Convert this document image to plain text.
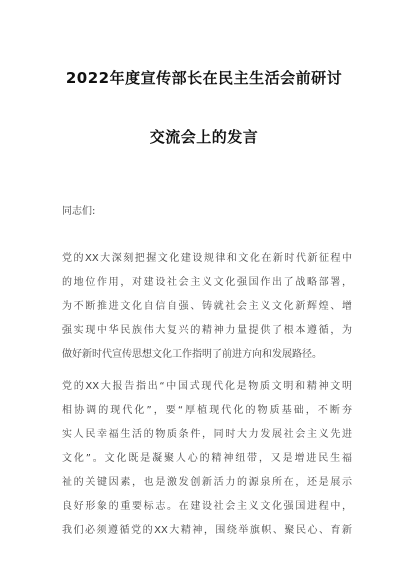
2022年度宣传部长在民主生活会前研讨
交流会上的发言
同志们:
党的XX大深刻把握文化建设规律和文化在新时代新征程中
的地位作用，对建设社会主义文化强国作出了战略部署，
为不断推进文化自信自强、铸就社会主义文化新辉煌、增
强实现中华民族伟大复兴的精神力量提供了根本遵循，为
做好新时代宣传思想文化工作指明了前进方向和发展路径。
党的XX大报告指出“中国式现代化是物质文明和精神文明
相协调的现代化”，要“厚植现代化的物质基础，不断夯
实人民幸福生活的物质条件，同时大力发展社会主义先进
文化”。文化既是凝聚人心的精神纽带，又是增进民生福
祉的关键因素，也是激发创新活力的源泉所在，还是展示
良好形象的重要标志。在建设社会主义文化强国进程中，
我们必须遵循党的XX大精神，围绕举旗帜、聚民心、育新
